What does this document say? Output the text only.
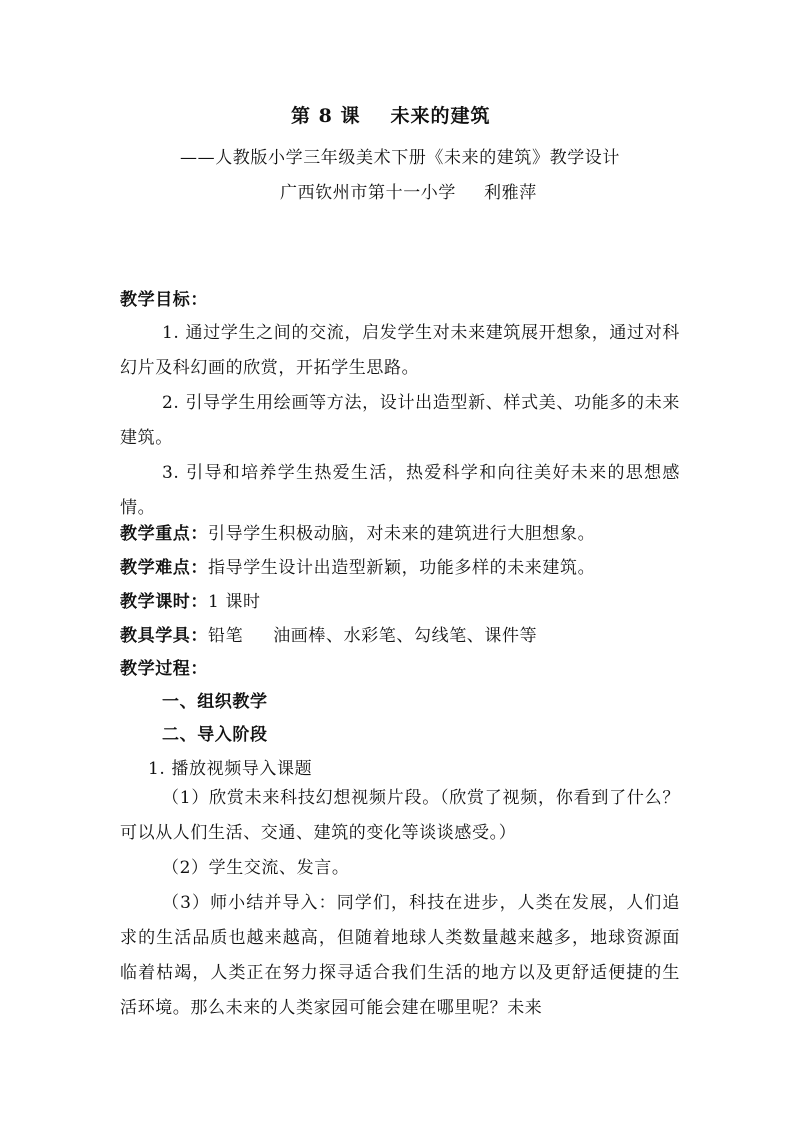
第 8 课 未来的建筑
——人教版小学三年级美术下册《未来的建筑》教学设计
广西钦州市第十一小学 利雅萍
教学目标：
1. 通过学生之间的交流，启发学生对未来建筑展开想象，通过对科幻片及科幻画的欣赏，开拓学生思路。
2. 引导学生用绘画等方法，设计出造型新、样式美、功能多的未来建筑。
3. 引导和培养学生热爱生活，热爱科学和向往美好未来的思想感情。
教学重点：引导学生积极动脑，对未来的建筑进行大胆想象。
教学难点：指导学生设计出造型新颖，功能多样的未来建筑。
教学课时：1 课时
教具学具：铅笔 油画棒、水彩笔、勾线笔、课件等
教学过程：
一、组织教学
二、导入阶段
1. 播放视频导入课题
（1）欣赏未来科技幻想视频片段。（欣赏了视频，你看到了什么？可以从人们生活、交通、建筑的变化等谈谈感受。）
（2）学生交流、发言。
（3）师小结并导入：同学们，科技在进步，人类在发展，人们追求的生活品质也越来越高，但随着地球人类数量越来越多，地球资源面临着枯竭，人类正在努力探寻适合我们生活的地方以及更舒适便捷的生活环境。那么未来的人类家园可能会建在哪里呢？未来
